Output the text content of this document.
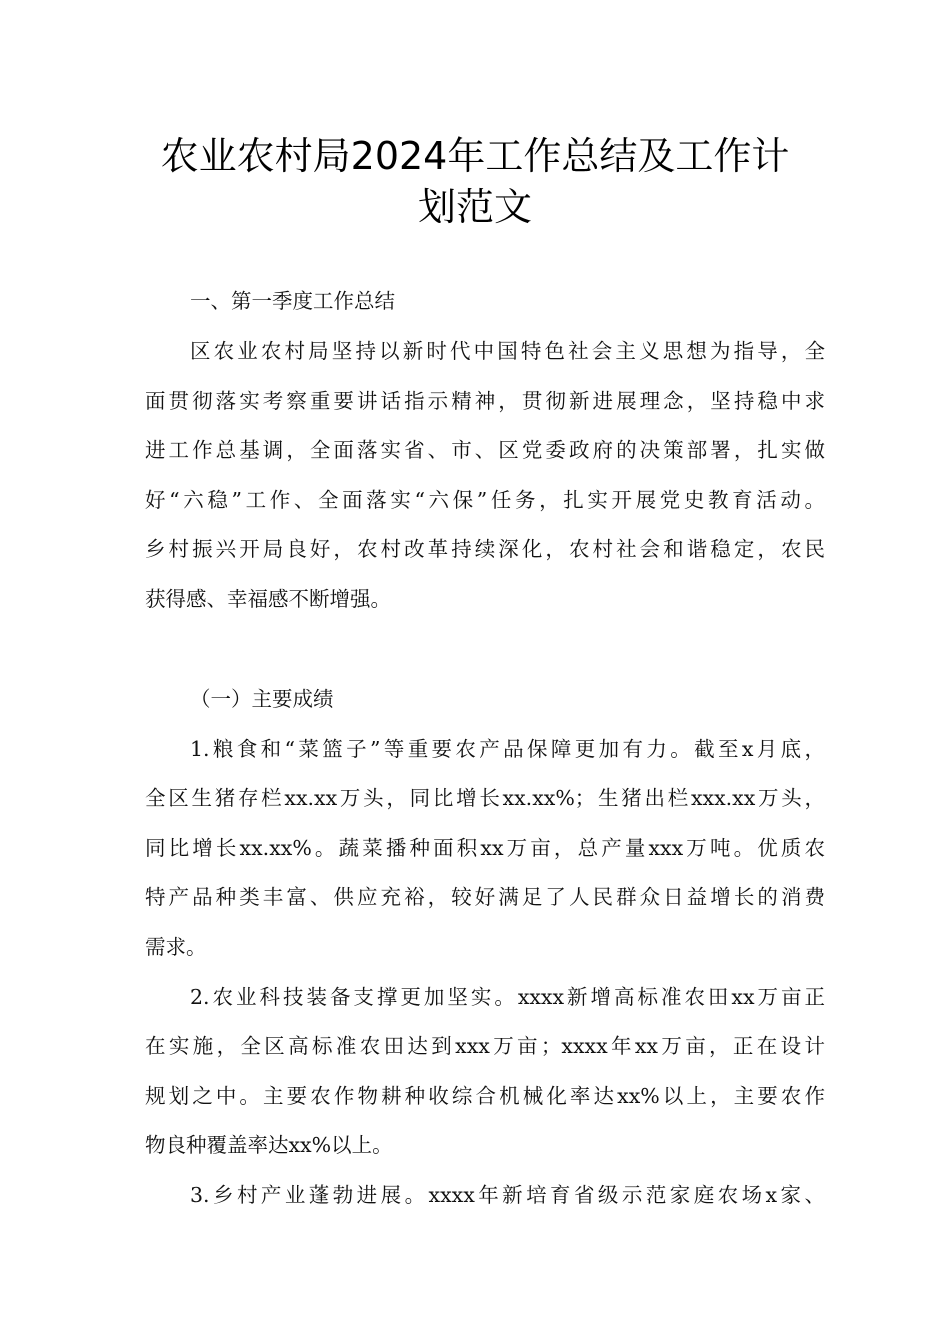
农业农村局2024年工作总结及工作计
划范文
一、第一季度工作总结
区农业农村局坚持以新时代中国特色社会主义思想为指导，全
面贯彻落实考察重要讲话指示精神，贯彻新进展理念，坚持稳中求
进工作总基调，全面落实省、市、区党委政府的决策部署，扎实做
好“六稳”工作、全面落实“六保”任务，扎实开展党史教育活动。
乡村振兴开局良好，农村改革持续深化，农村社会和谐稳定，农民
获得感、幸福感不断增强。
（一）主要成绩
1.粮食和“菜篮子”等重要农产品保障更加有力。截至x月底，
全区生猪存栏xx.xx万头，同比增长xx.xx%；生猪出栏xxx.xx万头，
同比增长xx.xx%。蔬菜播种面积xx万亩，总产量xxx万吨。优质农
特产品种类丰富、供应充裕，较好满足了人民群众日益增长的消费
需求。
2.农业科技装备支撑更加坚实。xxxx新增高标准农田xx万亩正
在实施，全区高标准农田达到xxx万亩；xxxx年xx万亩，正在设计
规划之中。主要农作物耕种收综合机械化率达xx%以上，主要农作
物良种覆盖率达xx%以上。
3.乡村产业蓬勃进展。xxxx年新培育省级示范家庭农场x家、
